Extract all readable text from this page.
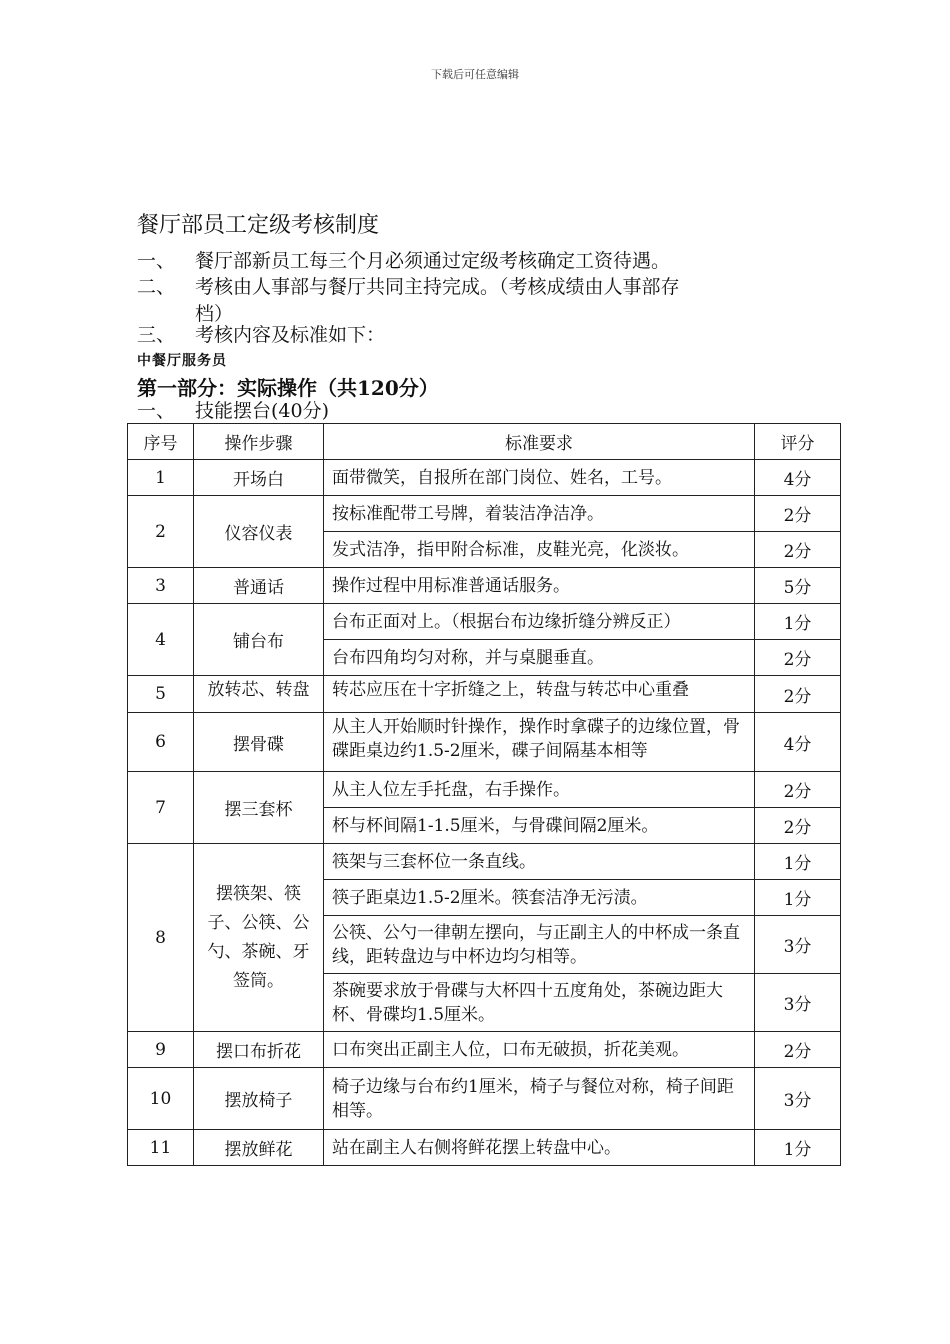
下载后可任意编辑
餐厅部员工定级考核制度
一、 餐厅部新员工每三个月必须通过定级考核确定工资待遇。
二、 考核由人事部与餐厅共同主持完成。（考核成绩由人事部存
档）
三、 考核内容及标准如下：
中餐厅服务员
第一部分：实际操作（共120分）
一、 技能摆台(40分)
序号	操作步骤	标准要求	评分
1	开场白	面带微笑，自报所在部门岗位、姓名，工号。	4分
2	仪容仪表	按标准配带工号牌，着装洁净洁净。	2分
		发式洁净，指甲附合标准，皮鞋光亮，化淡妆。	2分
3	普通话	操作过程中用标准普通话服务。	5分
4	铺台布	台布正面对上。（根据台布边缘折缝分辨反正）	1分
		台布四角均匀对称，并与桌腿垂直。	2分
5	放转芯、转盘	转芯应压在十字折缝之上，转盘与转芯中心重叠	2分
6	摆骨碟	从主人开始顺时针操作，操作时拿碟子的边缘位置，骨碟距桌边约1.5-2厘米，碟子间隔基本相等	4分
7	摆三套杯	从主人位左手托盘，右手操作。	2分
		杯与杯间隔1-1.5厘米，与骨碟间隔2厘米。	2分
8	摆筷架、筷子、公筷、公勺、茶碗、牙签筒。	筷架与三套杯位一条直线。	1分
		筷子距桌边1.5-2厘米。筷套洁净无污渍。	1分
		公筷、公勺一律朝左摆向，与正副主人的中杯成一条直线，距转盘边与中杯边均匀相等。	3分
		茶碗要求放于骨碟与大杯四十五度角处，茶碗边距大杯、骨碟均1.5厘米。	3分
9	摆口布折花	口布突出正副主人位，口布无破损，折花美观。	2分
10	摆放椅子	椅子边缘与台布约1厘米，椅子与餐位对称，椅子间距相等。	3分
11	摆放鲜花	站在副主人右侧将鲜花摆上转盘中心。	1分
